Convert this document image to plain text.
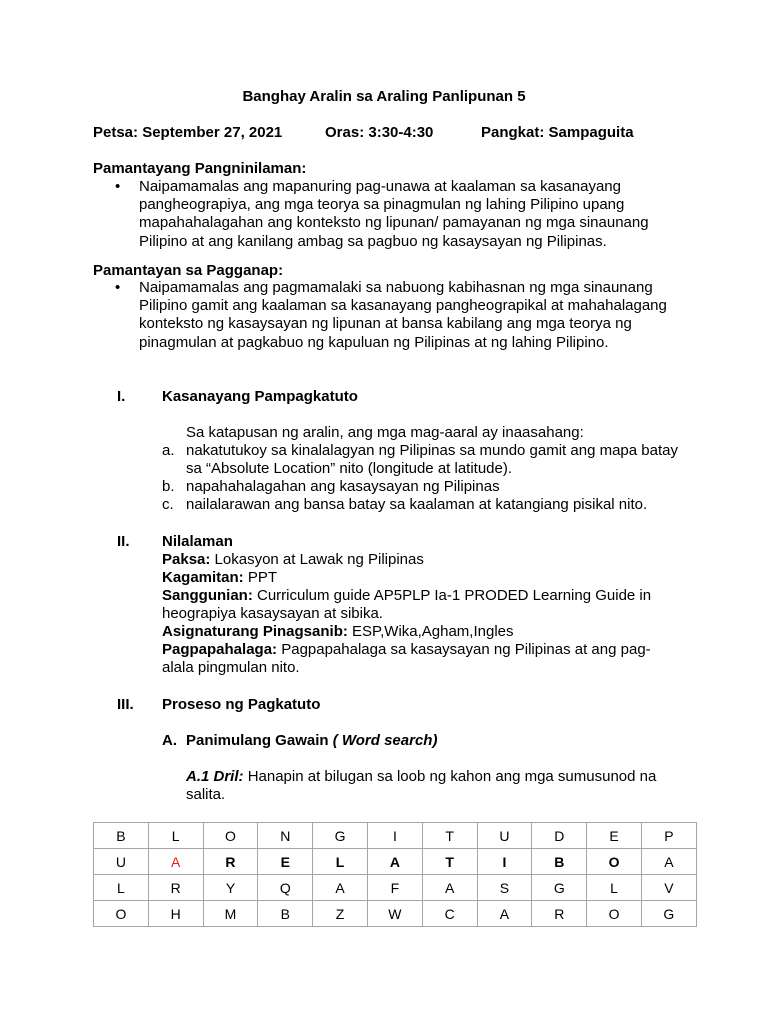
Banghay Aralin sa Araling Panlipunan 5
Petsa: September 27, 2021	Oras: 3:30-4:30	Pangkat: Sampaguita
Pamantayang Pangninilaman:
•	Naipamamalas ang mapanuring pag-unawa at kaalaman sa kasanayang pangheograpiya, ang mga teorya sa pinagmulan ng lahing Pilipino upang mapahahalagahan ang konteksto ng lipunan/ pamayanan ng mga sinaunang Pilipino at ang kanilang ambag sa pagbuo ng kasaysayan ng Pilipinas.
Pamantayan sa Pagganap:
•	Naipamamalas ang pagmamalaki sa nabuong kabihasnan ng mga sinaunang Pilipino gamit ang kaalaman sa kasanayang pangheograpikal at mahahalagang konteksto ng kasaysayan ng lipunan at bansa kabilang ang mga teorya ng pinagmulan at pagkabuo ng kapuluan ng Pilipinas at ng lahing Pilipino.
I. Kasanayang Pampagkatuto
Sa katapusan ng aralin, ang mga mag-aaral ay inaasahang:
a. nakatutukoy sa kinalalagyan ng Pilipinas sa mundo gamit ang mapa batay sa “Absolute Location” nito (longitude at latitude).
b. napahahalagahan ang kasaysayan ng Pilipinas
c. nailalarawan ang bansa batay sa kaalaman at katangiang pisikal nito.
II. Nilalaman
Paksa: Lokasyon at Lawak ng Pilipinas
Kagamitan: PPT
Sanggunian: Curriculum guide AP5PLP Ia-1 PRODED Learning Guide in heograpiya kasaysayan at sibika.
Asignaturang Pinagsanib: ESP,Wika,Agham,Ingles
Pagpapahalaga: Pagpapahalaga sa kasaysayan ng Pilipinas at ang pag-alala pingmulan nito.
III. Proseso ng Pagkatuto
A. Panimulang Gawain ( Word search)
A.1 Dril: Hanapin at bilugan sa loob ng kahon ang mga sumusunod na salita.
B	L	O	N	G	I	T	U	D	E	P
U	A	R	E	L	A	T	I	B	O	A
L	R	Y	Q	A	F	A	S	G	L	V
O	H	M	B	Z	W	C	A	R	O	G
